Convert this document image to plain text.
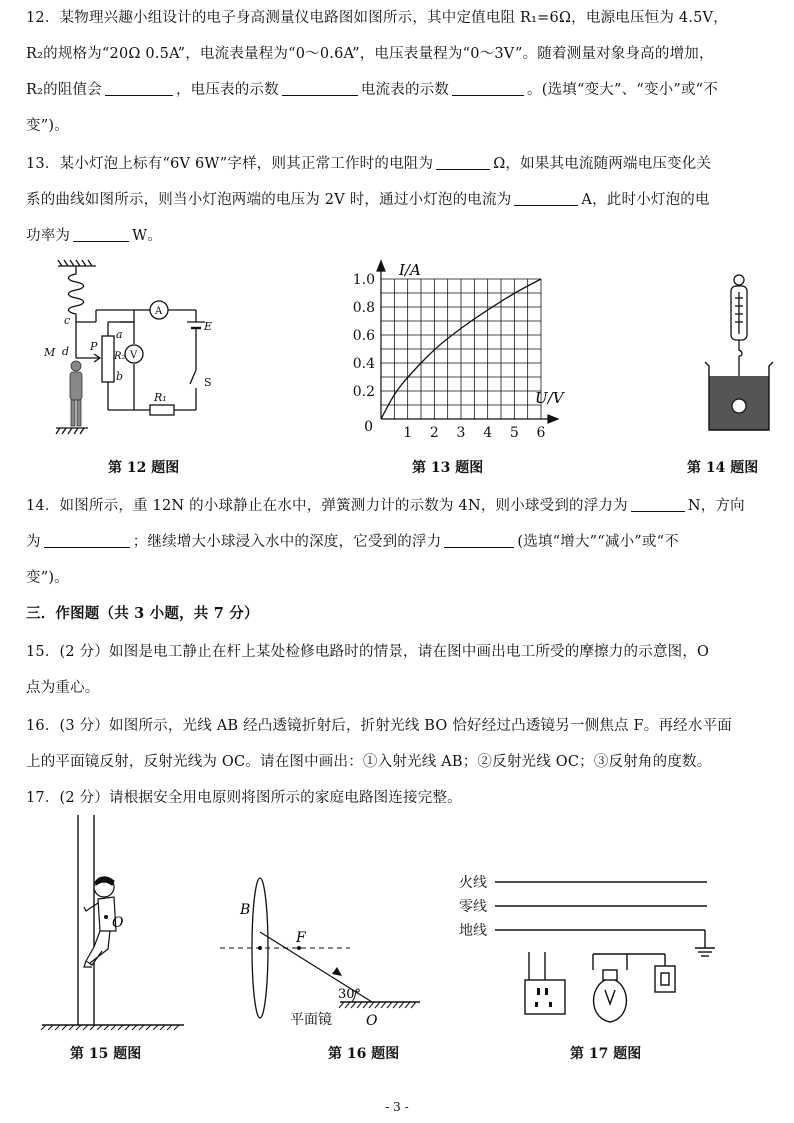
12．某物理兴趣小组设计的电子身高测量仪电路图如图所示，其中定值电阻 R₁=6Ω，电源电压恒为 4.5V，
R₂的规格为“20Ω 0.5A”，电流表量程为“0～0.6A”，电压表量程为“0～3V”。随着测量对象身高的增加，
R₂的阻值会	，电压表的示数	电流表的示数	。(选填“变大”、“变小”或“不
变”)。
13．某小灯泡上标有“6V 6W”字样，则其正常工作时的电阻为	Ω，如果其电流随两端电压变化关
系的曲线如图所示，则当小灯泡两端的电压为 2V 时，通过小灯泡的电流为	A，此时小灯泡的电
功率为	W。
c
M d P
a
b
R₂ V
A
E
S
R₁
第 12 题图
0.2
0.4
0.6
0.8
1.0
1 2 3 4 5 6
0
I/A
U/V
第 13 题图	第 14 题图
14．如图所示，重 12N 的小球静止在水中，弹簧测力计的示数为 4N，则小球受到的浮力为	N，方向
为	；继续增大小球浸入水中的深度，它受到的浮力	(选填“增大”“减小”或“不
变”)。
三．作图题（共 3 小题，共 7 分）
15．(2 分）如图是电工静止在杆上某处检修电路时的情景，请在图中画出电工所受的摩擦力的示意图，O
点为重心。
16．(3 分）如图所示，光线 AB 经凸透镜折射后，折射光线 BO 恰好经过凸透镜另一侧焦点 F。再经水平面
上的平面镜反射，反射光线为 OC。请在图中画出：①入射光线 AB；②反射光线 OC；③反射角的度数。
17．(2 分）请根据安全用电原则将图所示的家庭电路图连接完整。
O
第 15 题图
B
F
30°
平面镜 O
第 16 题图
火线
零线
地线
第 17 题图
- 3 -
